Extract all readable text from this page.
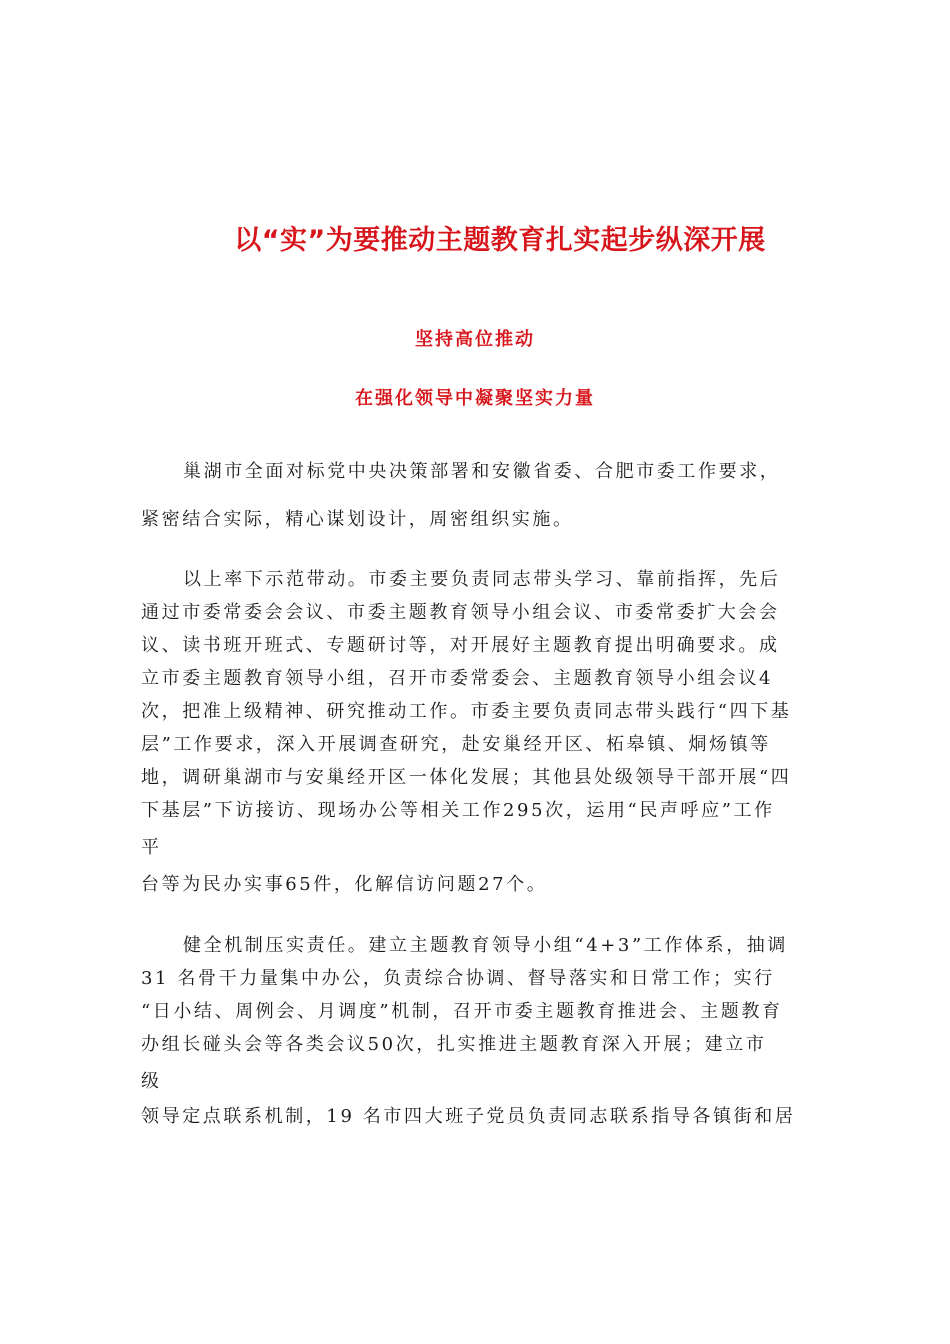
以“实”为要推动主题教育扎实起步纵深开展
坚持高位推动
在强化领导中凝聚坚实力量
巢湖市全面对标党中央决策部署和安徽省委、合肥市委工作要求，
紧密结合实际，精心谋划设计，周密组织实施。
以上率下示范带动。市委主要负责同志带头学习、靠前指挥，先后
通过市委常委会会议、市委主题教育领导小组会议、市委常委扩大会会
议、读书班开班式、专题研讨等，对开展好主题教育提出明确要求。成
立市委主题教育领导小组，召开市委常委会、主题教育领导小组会议4
次，把准上级精神、研究推动工作。市委主要负责同志带头践行“四下基
层”工作要求，深入开展调查研究，赴安巢经开区、柘皋镇、烔炀镇等
地，调研巢湖市与安巢经开区一体化发展；其他县处级领导干部开展“四
下基层”下访接访、现场办公等相关工作295次，运用“民声呼应”工作
平
台等为民办实事65件，化解信访问题27个。
健全机制压实责任。建立主题教育领导小组“4+3”工作体系，抽调
31 名骨干力量集中办公，负责综合协调、督导落实和日常工作；实行
“日小结、周例会、月调度”机制，召开市委主题教育推进会、主题教育
办组长碰头会等各类会议50次，扎实推进主题教育深入开展；建立市
级
领导定点联系机制，19 名市四大班子党员负责同志联系指导各镇街和居
